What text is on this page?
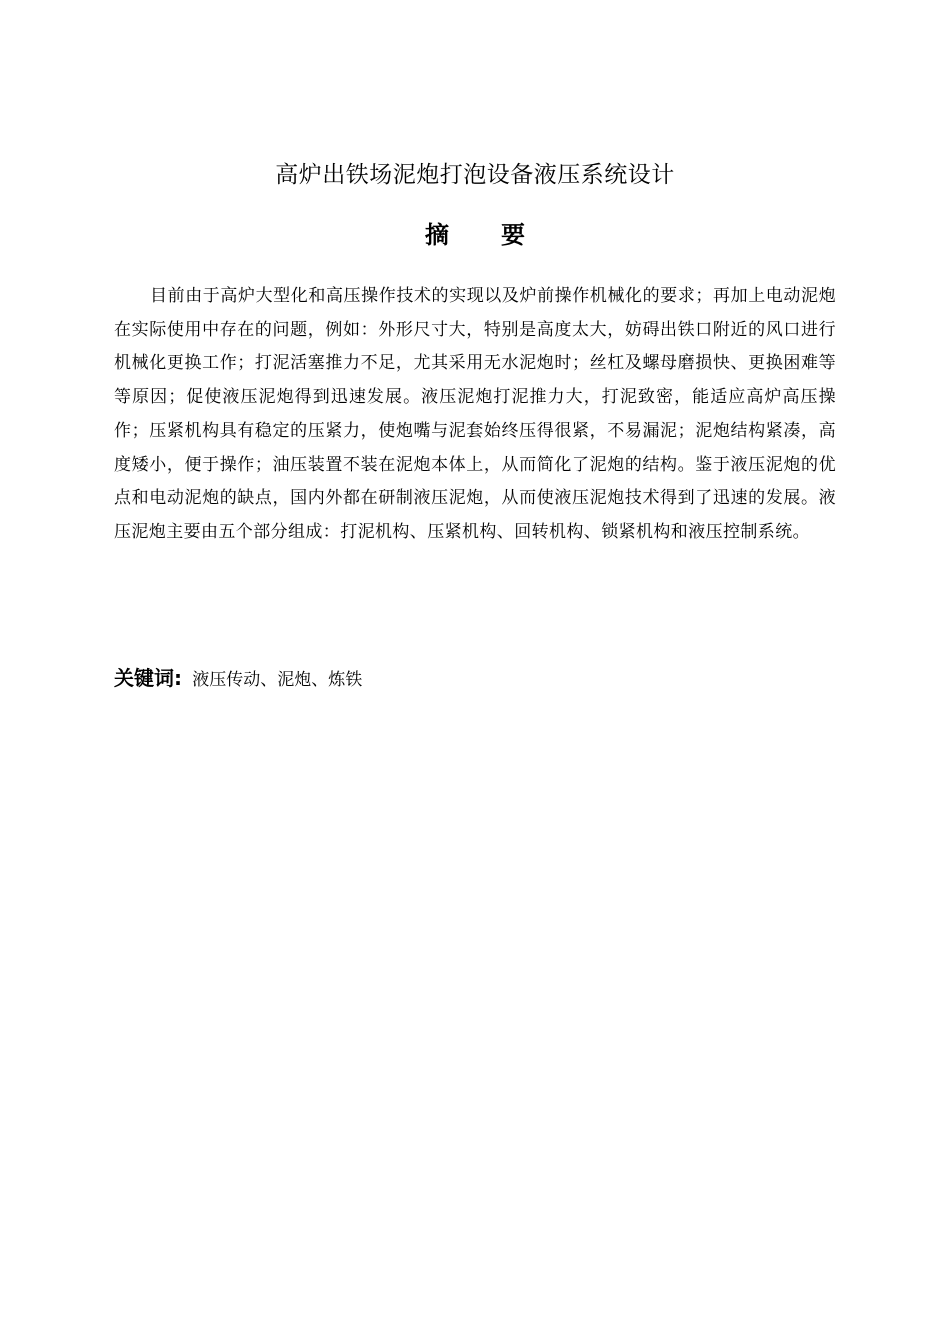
高炉出铁场泥炮打泡设备液压系统设计
摘 要
目前由于高炉大型化和高压操作技术的实现以及炉前操作机械化的要求；再加上电动泥炮在实际使用中存在的问题，例如：外形尺寸大，特别是高度太大，妨碍出铁口附近的风口进行机械化更换工作；打泥活塞推力不足，尤其采用无水泥炮时；丝杠及螺母磨损快、更换困难等等原因；促使液压泥炮得到迅速发展。液压泥炮打泥推力大，打泥致密，能适应高炉高压操作；压紧机构具有稳定的压紧力，使炮嘴与泥套始终压得很紧，不易漏泥；泥炮结构紧凑，高度矮小，便于操作；油压装置不装在泥炮本体上，从而简化了泥炮的结构。鉴于液压泥炮的优点和电动泥炮的缺点，国内外都在研制液压泥炮，从而使液压泥炮技术得到了迅速的发展。液压泥炮主要由五个部分组成：打泥机构、压紧机构、回转机构、锁紧机构和液压控制系统。
关键词: 液压传动、泥炮、炼铁
